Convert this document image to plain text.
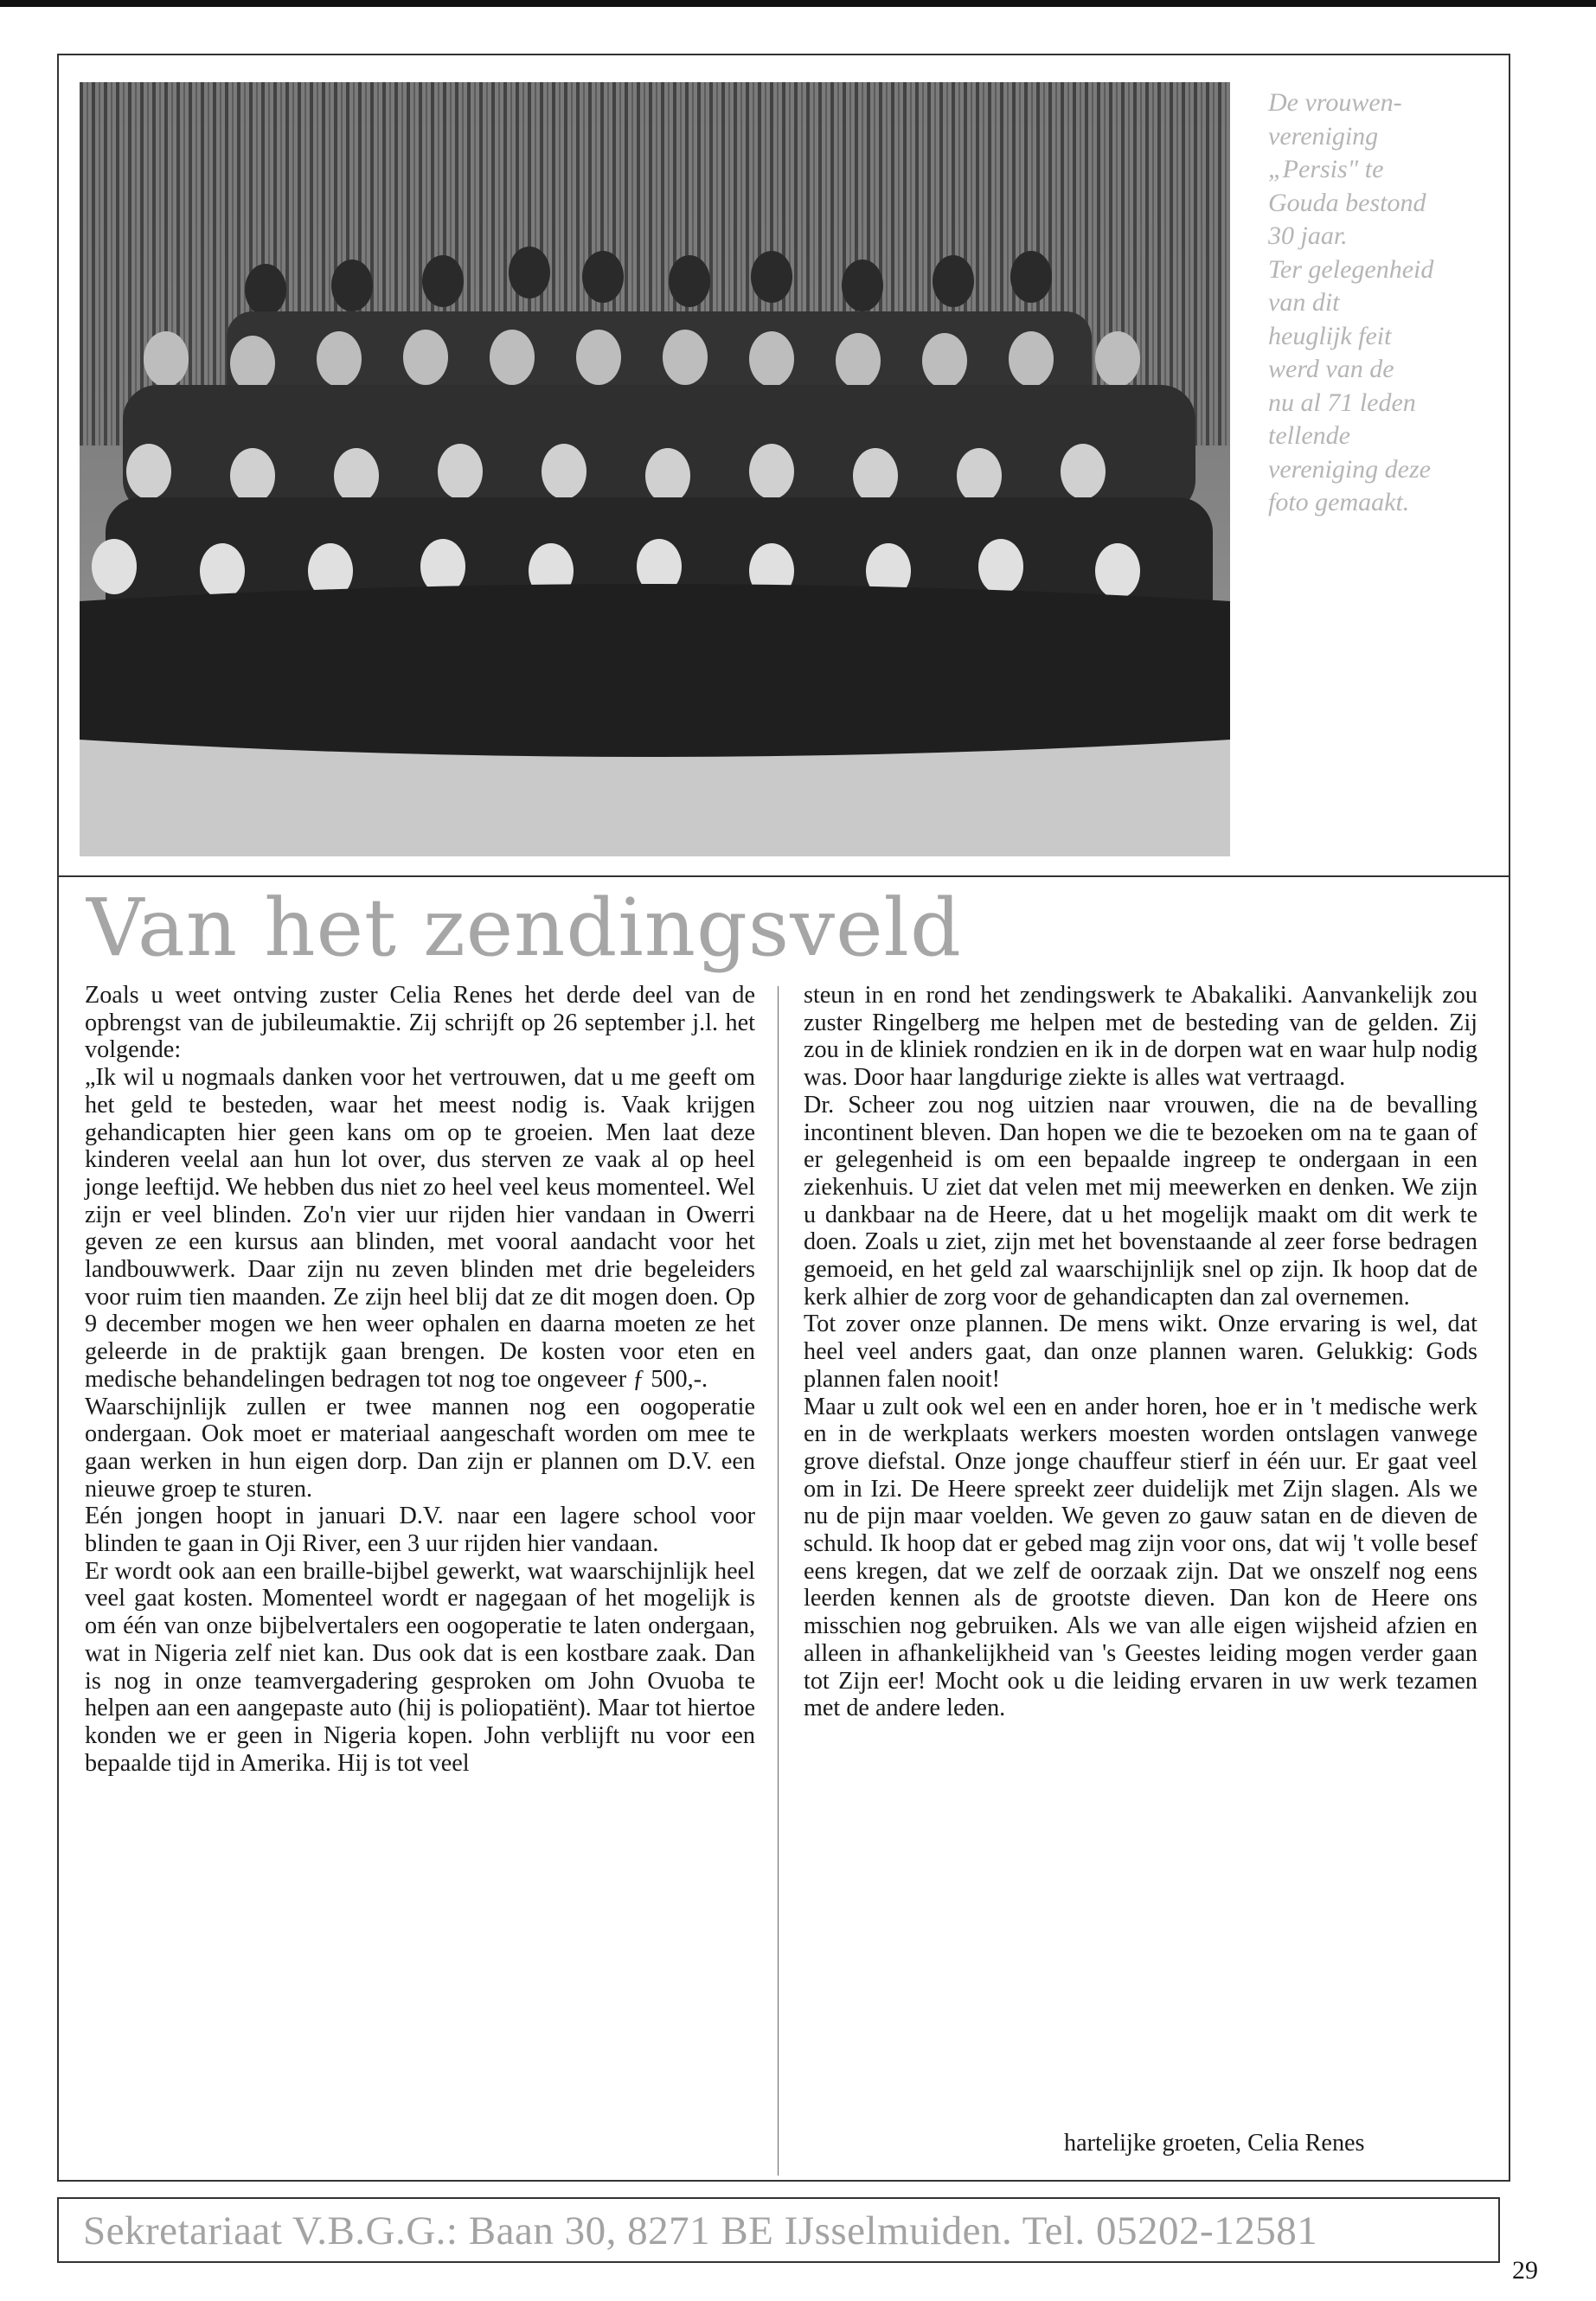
De vrouwen-
vereniging
„Persis" te
Gouda bestond
30 jaar.
Ter gelegenheid
van dit
heuglijk feit
werd van de
nu al 71 leden
tellende
vereniging deze
foto gemaakt.
Van het zendingsveld

Zoals u weet ontving zuster Celia Renes het derde deel van de opbrengst van de jubileumaktie. Zij schrijft op 26 september j.l. het volgende:

„Ik wil u nogmaals danken voor het vertrouwen, dat u me geeft om het geld te besteden, waar het meest nodig is. Vaak krijgen gehandicapten hier geen kans om op te groeien. Men laat deze kinderen veelal aan hun lot over, dus sterven ze vaak al op heel jonge leeftijd. We hebben dus niet zo heel veel keus momenteel. Wel zijn er veel blinden. Zo'n vier uur rijden hier vandaan in Owerri geven ze een kursus aan blinden, met vooral aandacht voor het landbouwwerk. Daar zijn nu zeven blinden met drie begeleiders voor ruim tien maanden. Ze zijn heel blij dat ze dit mogen doen. Op 9 december mogen we hen weer ophalen en daarna moeten ze het geleerde in de praktijk gaan brengen. De kosten voor eten en medische behandelingen bedragen tot nog toe ongeveer ƒ 500,-.

Waarschijnlijk zullen er twee mannen nog een oogoperatie ondergaan. Ook moet er materiaal aangeschaft worden om mee te gaan werken in hun eigen dorp. Dan zijn er plannen om D.V. een nieuwe groep te sturen.

Eén jongen hoopt in januari D.V. naar een lagere school voor blinden te gaan in Oji River, een 3 uur rijden hier vandaan.

Er wordt ook aan een braille-bijbel gewerkt, wat waarschijnlijk heel veel gaat kosten. Momenteel wordt er nagegaan of het mogelijk is om één van onze bijbelvertalers een oogoperatie te laten ondergaan, wat in Nigeria zelf niet kan. Dus ook dat is een kostbare zaak. Dan is nog in onze teamvergadering gesproken om John Ovuoba te helpen aan een aangepaste auto (hij is poliopatiënt). Maar tot hiertoe konden we er geen in Nigeria kopen. John verblijft nu voor een bepaalde tijd in Amerika. Hij is tot veel

steun in en rond het zendingswerk te Abakaliki. Aanvankelijk zou zuster Ringelberg me helpen met de besteding van de gelden. Zij zou in de kliniek rondzien en ik in de dorpen wat en waar hulp nodig was. Door haar langdurige ziekte is alles wat vertraagd.

Dr. Scheer zou nog uitzien naar vrouwen, die na de bevalling incontinent bleven. Dan hopen we die te bezoeken om na te gaan of er gelegenheid is om een bepaalde ingreep te ondergaan in een ziekenhuis. U ziet dat velen met mij meewerken en denken. We zijn u dankbaar na de Heere, dat u het mogelijk maakt om dit werk te doen. Zoals u ziet, zijn met het bovenstaande al zeer forse bedragen gemoeid, en het geld zal waarschijnlijk snel op zijn. Ik hoop dat de kerk alhier de zorg voor de gehandicapten dan zal overnemen.

Tot zover onze plannen. De mens wikt. Onze ervaring is wel, dat heel veel anders gaat, dan onze plannen waren. Gelukkig: Gods plannen falen nooit!

Maar u zult ook wel een en ander horen, hoe er in 't medische werk en in de werkplaats werkers moesten worden ontslagen vanwege grove diefstal. Onze jonge chauffeur stierf in één uur. Er gaat veel om in Izi. De Heere spreekt zeer duidelijk met Zijn slagen. Als we nu de pijn maar voelden. We geven zo gauw satan en de dieven de schuld. Ik hoop dat er gebed mag zijn voor ons, dat wij 't volle besef eens kregen, dat we zelf de oorzaak zijn. Dat we onszelf nog eens leerden kennen als de grootste dieven. Dan kon de Heere ons misschien nog gebruiken. Als we van alle eigen wijsheid afzien en alleen in afhankelijkheid van 's Geestes leiding mogen verder gaan tot Zijn eer! Mocht ook u die leiding ervaren in uw werk tezamen met de andere leden.

hartelijke groeten, Celia Renes
Sekretariaat V.B.G.G.: Baan 30, 8271 BE IJsselmuiden. Tel. 05202-12581
29
